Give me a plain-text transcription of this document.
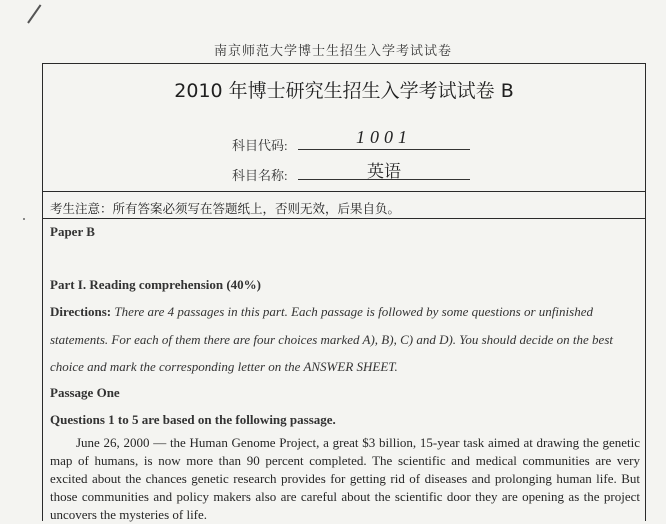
南京师范大学博士生招生入学考试试卷
2010 年博士研究生招生入学考试试卷 B
科目代码:	1001
科目名称:	英语
考生注意：所有答案必须写在答题纸上，否则无效，后果自负。
Paper B
Part I. Reading comprehension (40%)
Directions: There are 4 passages in this part. Each passage is followed by some questions or unfinished statements. For each of them there are four choices marked A), B), C) and D). You should decide on the best choice and mark the corresponding letter on the ANSWER SHEET.
Passage One
Questions 1 to 5 are based on the following passage.
June 26, 2000 — the Human Genome Project, a great $3 billion, 15-year task aimed at drawing the genetic map of humans, is now more than 90 percent completed. The scientific and medical communities are very excited about the chances genetic research provides for getting rid of diseases and prolonging human life. But those communities and policy makers also are careful about the scientific door they are opening as the project uncovers the mysteries of life.
